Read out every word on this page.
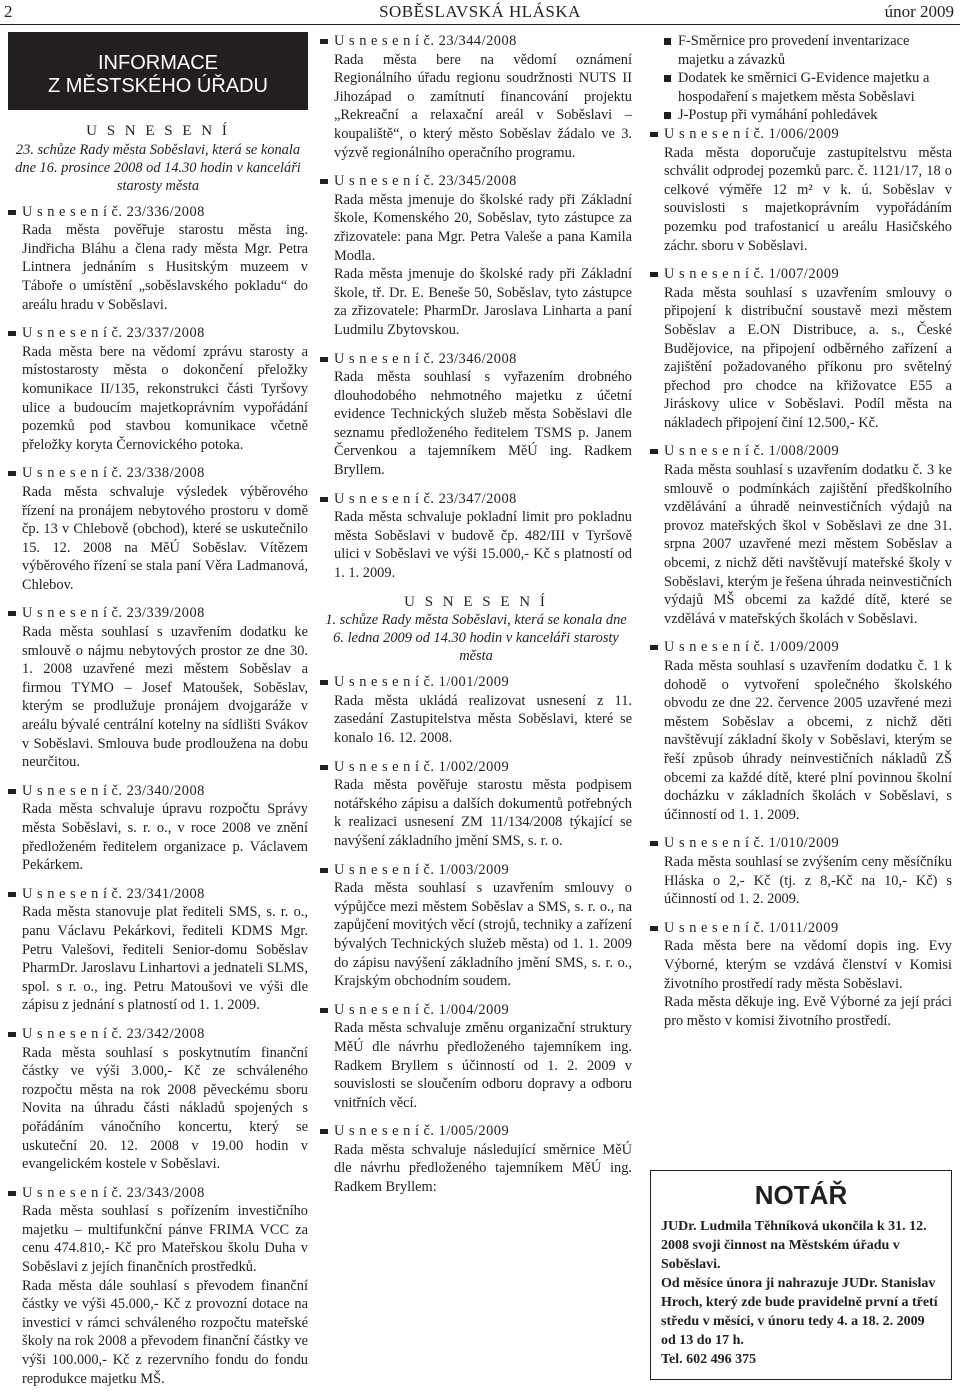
2	SOBĚSLAVSKÁ HLÁSKA	únor 2009
INFORMACE
Z MĚSTSKÉHO ÚŘADU
U S N E S E N Í
23. schůze Rady města Soběslavi, která se konala dne 16. prosince 2008 od 14.30 hodin v kanceláři starosty města
U s n e s e n í č. 23/336/2008
Rada města pověřuje starostu města ing. Jindřicha Bláhu a člena rady města Mgr. Petra Lintnera jednáním s Husitským muzeem v Táboře o umístění „soběslavského pokladu“ do areálu hradu v Soběslavi.
U s n e s e n í č. 23/337/2008
Rada města bere na vědomí zprávu starosty a místostarosty města o dokončení přeložky komunikace II/135, rekonstrukci části Tyršovy ulice a budoucím majetkoprávním vypořádání pozemků pod stavbou komunikace včetně přeložky koryta Černovického potoka.
U s n e s e n í č. 23/338/2008
Rada města schvaluje výsledek výběrového řízení na pronájem nebytového prostoru v domě čp. 13 v Chlebově (obchod), které se uskutečnilo 15. 12. 2008 na MěÚ Soběslav. Vítězem výběrového řízení se stala paní Věra Ladmanová, Chlebov.
U s n e s e n í č. 23/339/2008
Rada města souhlasí s uzavřením dodatku ke smlouvě o nájmu nebytových prostor ze dne 30. 1. 2008 uzavřené mezi městem Soběslav a firmou TYMO – Josef Matoušek, Soběslav, kterým se prodlužuje pronájem dvojgaráže v areálu bývalé centrální kotelny na sídlišti Svákov v Soběslavi. Smlouva bude prodloužena na dobu neurčitou.
U s n e s e n í č. 23/340/2008
Rada města schvaluje úpravu rozpočtu Správy města Soběslavi, s. r. o., v roce 2008 ve znění předloženém ředitelem organizace p. Václavem Pekárkem.
U s n e s e n í č. 23/341/2008
Rada města stanovuje plat řediteli SMS, s. r. o., panu Václavu Pekárkovi, řediteli KDMS Mgr. Petru Valešovi, řediteli Senior-domu Soběslav PharmDr. Jaroslavu Linhartovi a jednateli SLMS, spol. s r. o., ing. Petru Matoušovi ve výši dle zápisu z jednání s platností od 1. 1. 2009.
U s n e s e n í č. 23/342/2008
Rada města souhlasí s poskytnutím finanční částky ve výši 3.000,- Kč ze schváleného rozpočtu města na rok 2008 pěveckému sboru Novita na úhradu části nákladů spojených s pořádáním vánočního koncertu, který se uskuteční 20. 12. 2008 v 19.00 hodin v evangelickém kostele v Soběslavi.
U s n e s e n í č. 23/343/2008
Rada města souhlasí s pořízením investičního majetku – multifunkční pánve FRIMA VCC za cenu 474.810,- Kč pro Mateřskou školu Duha v Soběslavi z jejích finančních prostředků.
Rada města dále souhlasí s převodem finanční částky ve výši 45.000,- Kč z provozní dotace na investici v rámci schváleného rozpočtu mateřské školy na rok 2008 a převodem finanční částky ve výši 100.000,- Kč z rezervního fondu do fondu reprodukce majetku MŠ.
U s n e s e n í č. 23/344/2008
Rada města bere na vědomí oznámení Regionálního úřadu regionu soudržnosti NUTS II Jihozápad o zamítnutí financování projektu „Rekreační a relaxační areál v Soběslavi – koupaliště“, o který město Soběslav žádalo ve 3. výzvě regionálního operačního programu.
U s n e s e n í č. 23/345/2008
Rada města jmenuje do školské rady při Základní škole, Komenského 20, Soběslav, tyto zástupce za zřizovatele: pana Mgr. Petra Valeše a pana Kamila Modla.
Rada města jmenuje do školské rady při Základní škole, tř. Dr. E. Beneše 50, Soběslav, tyto zástupce za zřizovatele: PharmDr. Jaroslava Linharta a paní Ludmilu Zbytovskou.
U s n e s e n í č. 23/346/2008
Rada města souhlasí s vyřazením drobného dlouhodobého nehmotného majetku z účetní evidence Technických služeb města Soběslavi dle seznamu předloženého ředitelem TSMS p. Janem Červenkou a tajemníkem MěÚ ing. Radkem Bryllem.
U s n e s e n í č. 23/347/2008
Rada města schvaluje pokladní limit pro pokladnu města Soběslavi v budově čp. 482/III v Tyršově ulici v Soběslavi ve výši 15.000,- Kč s platností od 1. 1. 2009.
U S N E S E N Í
1. schůze Rady města Soběslavi, která se konala dne 6. ledna 2009 od 14.30 hodin v kanceláři starosty města
U s n e s e n í č. 1/001/2009
Rada města ukládá realizovat usnesení z 11. zasedání Zastupitelstva města Soběslavi, které se konalo 16. 12. 2008.
U s n e s e n í č. 1/002/2009
Rada města pověřuje starostu města podpisem notářského zápisu a dalších dokumentů potřebných k realizaci usnesení ZM 11/134/2008 týkající se navýšení základního jmění SMS, s. r. o.
U s n e s e n í č. 1/003/2009
Rada města souhlasí s uzavřením smlouvy o výpůjčce mezi městem Soběslav a SMS, s. r. o., na zapůjčení movitých věcí (strojů, techniky a zařízení bývalých Technických služeb města) od 1. 1. 2009 do zápisu navýšení základního jmění SMS, s. r. o., Krajským obchodním soudem.
U s n e s e n í č. 1/004/2009
Rada města schvaluje změnu organizační struktury MěÚ dle návrhu předloženého tajemníkem ing. Radkem Bryllem s účinností od 1. 2. 2009 v souvislosti se sloučením odboru dopravy a odboru vnitřních věcí.
U s n e s e n í č. 1/005/2009
Rada města schvaluje následující směrnice MěÚ dle návrhu předloženého tajemníkem MěÚ ing. Radkem Bryllem:
F-Směrnice pro provedení inventarizace majetku a závazků
Dodatek ke směrnici G-Evidence majetku a hospodaření s majetkem města Soběslavi
J-Postup při vymáhání pohledávek
U s n e s e n í č. 1/006/2009
Rada města doporučuje zastupitelstvu města schválit odprodej pozemků parc. č. 1121/17, 18 o celkové výměře 12 m² v k. ú. Soběslav v souvislosti s majetkoprávním vypořádáním pozemku pod trafostanicí u areálu Hasičského záchr. sboru v Soběslavi.
U s n e s e n í č. 1/007/2009
Rada města souhlasí s uzavřením smlouvy o připojení k distribuční soustavě mezi městem Soběslav a E.ON Distribuce, a. s., České Budějovice, na připojení odběrného zařízení a zajištění požadovaného příkonu pro světelný přechod pro chodce na křižovatce E55 a Jiráskovy ulice v Soběslavi. Podíl města na nákladech připojení činí 12.500,- Kč.
U s n e s e n í č. 1/008/2009
Rada města souhlasí s uzavřením dodatku č. 3 ke smlouvě o podmínkách zajištění předškolního vzdělávání a úhradě neinvestičních výdajů na provoz mateřských škol v Soběslavi ze dne 31. srpna 2007 uzavřené mezi městem Soběslav a obcemi, z nichž děti navštěvují mateřské školy v Soběslavi, kterým je řešena úhrada neinvestičních výdajů MŠ obcemi za každé dítě, které se vzdělává v mateřských školách v Soběslavi.
U s n e s e n í č. 1/009/2009
Rada města souhlasí s uzavřením dodatku č. 1 k dohodě o vytvoření společného školského obvodu ze dne 22. července 2005 uzavřené mezi městem Soběslav a obcemi, z nichž děti navštěvují základní školy v Soběslavi, kterým se řeší způsob úhrady neinvestičních nákladů ZŠ obcemi za každé dítě, které plní povinnou školní docházku v základních školách v Soběslavi, s účinností od 1. 1. 2009.
U s n e s e n í č. 1/010/2009
Rada města souhlasí se zvýšením ceny měsíčníku Hláska o 2,- Kč (tj. z 8,-Kč na 10,- Kč) s účinností od 1. 2. 2009.
U s n e s e n í č. 1/011/2009
Rada města bere na vědomí dopis ing. Evy Výborné, kterým se vzdává členství v Komisi životního prostředí rady města Soběslavi.
Rada města děkuje ing. Evě Výborné za její práci pro město v komisi životního prostředí.
NOTÁŘ
JUDr. Ludmila Těhníková ukončila k 31. 12. 2008 svoji činnost na Městském úřadu v Soběslavi.
Od měsíce února ji nahrazuje JUDr. Stanislav Hroch, který zde bude pravidelně první a třetí středu v měsíci, v únoru tedy 4. a 18. 2. 2009 od 13 do 17 h.
Tel. 602 496 375
